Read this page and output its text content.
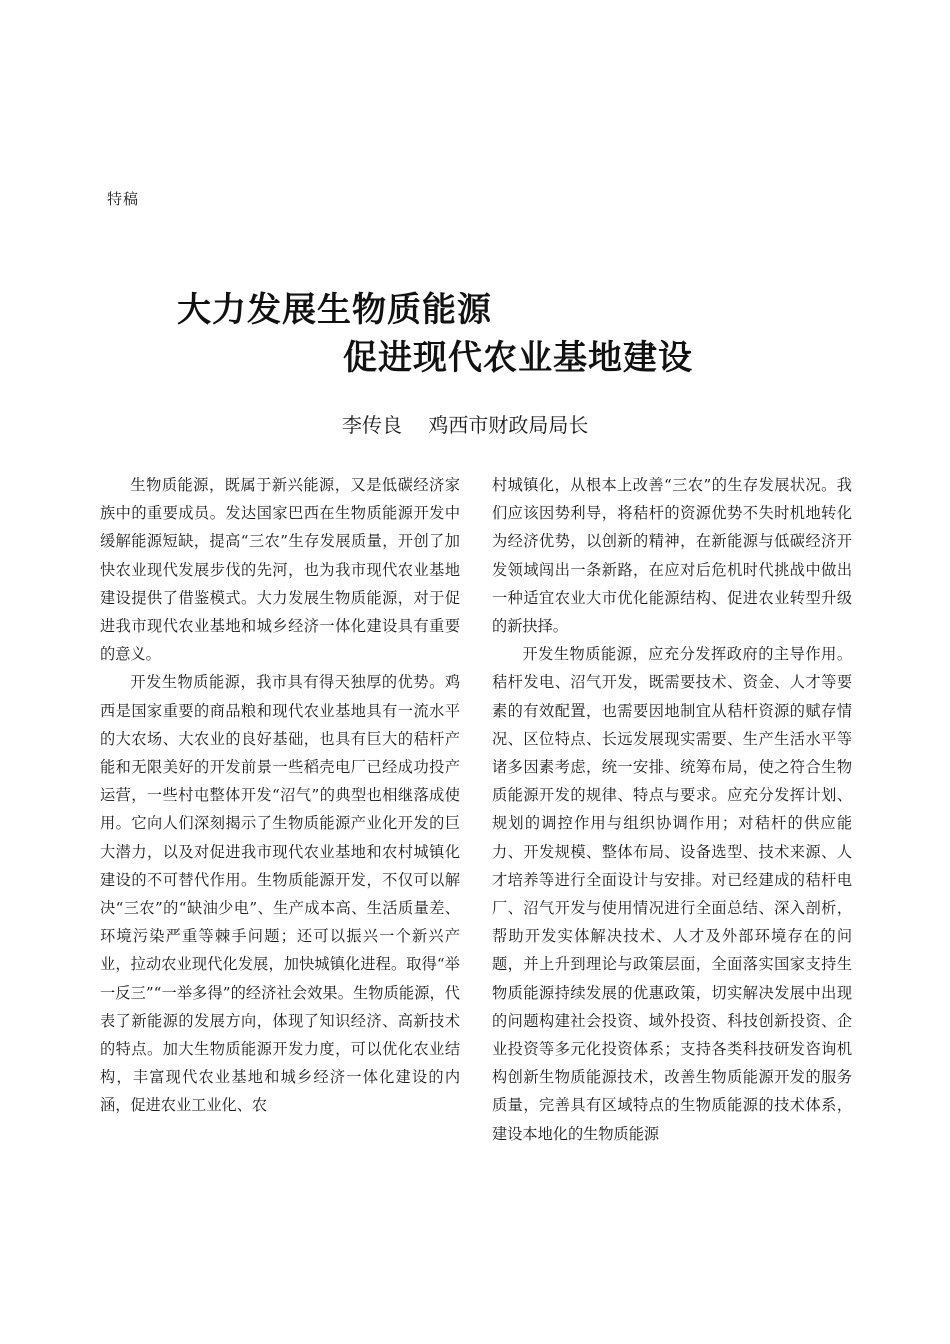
特稿
大力发展生物质能源
促进现代农业基地建设
李传良 鸡西市财政局局长

生物质能源，既属于新兴能源，又是低碳经济家族中的重要成员。发达国家巴西在生物质能源开发中缓解能源短缺，提高“三农”生存发展质量，开创了加快农业现代发展步伐的先河，也为我市现代农业基地建设提供了借鉴模式。大力发展生物质能源，对于促进我市现代农业基地和城乡经济一体化建设具有重要的意义。

开发生物质能源，我市具有得天独厚的优势。鸡西是国家重要的商品粮和现代农业基地具有一流水平的大农场、大农业的良好基础，也具有巨大的秸杆产能和无限美好的开发前景一些稻壳电厂已经成功投产运营，一些村屯整体开发“沼气”的典型也相继落成使用。它向人们深刻揭示了生物质能源产业化开发的巨大潜力，以及对促进我市现代农业基地和农村城镇化建设的不可替代作用。生物质能源开发，不仅可以解决“三农”的“缺油少电”、生产成本高、生活质量差、环境污染严重等棘手问题；还可以振兴一个新兴产业，拉动农业现代化发展，加快城镇化进程。取得“举一反三”“一举多得”的经济社会效果。生物质能源，代表了新能源的发展方向，体现了知识经济、高新技术的特点。加大生物质能源开发力度，可以优化农业结构，丰富现代农业基地和城乡经济一体化建设的内涵，促进农业工业化、农

村城镇化，从根本上改善“三农”的生存发展状况。我们应该因势利导，将秸杆的资源优势不失时机地转化为经济优势，以创新的精神，在新能源与低碳经济开发领域闯出一条新路，在应对后危机时代挑战中做出一种适宜农业大市优化能源结构、促进农业转型升级的新抉择。

开发生物质能源，应充分发挥政府的主导作用。秸杆发电、沼气开发，既需要技术、资金、人才等要素的有效配置，也需要因地制宜从秸杆资源的赋存情况、区位特点、长远发展现实需要、生产生活水平等诸多因素考虑，统一安排、统筹布局，使之符合生物质能源开发的规律、特点与要求。应充分发挥计划、规划的调控作用与组织协调作用；对秸杆的供应能力、开发规模、整体布局、设备选型、技术来源、人才培养等进行全面设计与安排。对已经建成的秸杆电厂、沼气开发与使用情况进行全面总结、深入剖析，帮助开发实体解决技术、人才及外部环境存在的问题，并上升到理论与政策层面，全面落实国家支持生物质能源持续发展的优惠政策，切实解决发展中出现的问题构建社会投资、域外投资、科技创新投资、企业投资等多元化投资体系；支持各类科技研发咨询机构创新生物质能源技术，改善生物质能源开发的服务质量，完善具有区域特点的生物质能源的技术体系，建设本地化的生物质能源
